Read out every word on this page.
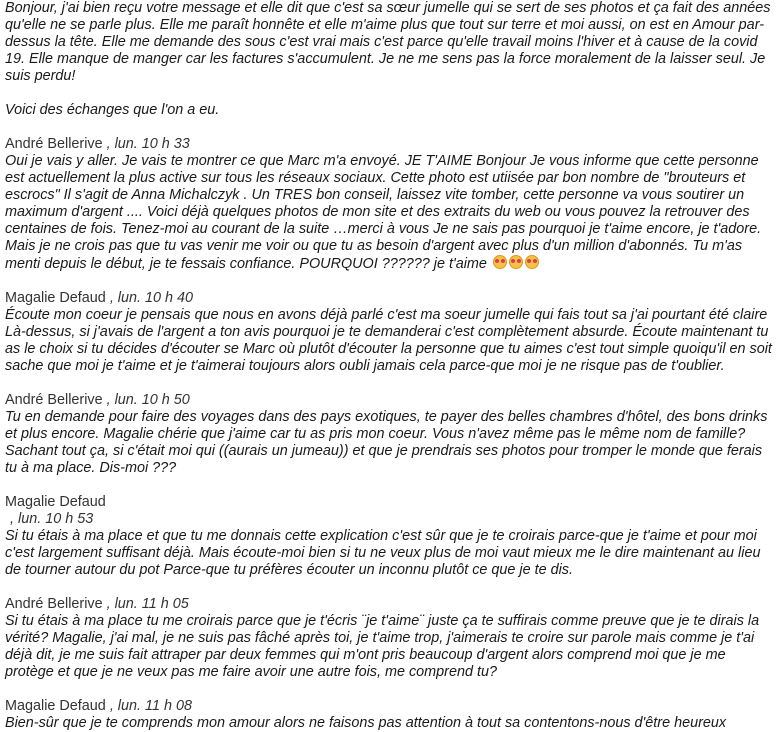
Bonjour, j'ai bien reçu votre message et elle dit que c'est sa sœur jumelle qui se sert de ses photos et ça fait des années qu'elle ne se parle plus. Elle me paraît honnête et elle m'aime plus que tout sur terre et moi aussi, on est en Amour par-dessus la tête. Elle me demande des sous c'est vrai mais c'est parce qu'elle travail moins l'hiver et à cause de la covid 19. Elle manque de manger car les factures s'accumulent. Je ne me sens pas la force moralement de la laisser seul. Je suis perdu!

Voici des échanges que l'on a eu.

André Bellerive , lun. 10 h 33
Oui je vais y aller. Je vais te montrer ce que Marc m'a envoyé. JE T'AIME Bonjour Je vous informe que cette personne est actuellement la plus active sur tous les réseaux sociaux. Cette photo est utiisée par bon nombre de "brouteurs et escrocs" Il s'agit de Anna Michalczyk . Un TRES bon conseil, laissez vite tomber, cette personne va vous soutirer un maximum d'argent .... Voici déjà quelques photos de mon site et des extraits du web ou vous pouvez la retrouver des centaines de fois. Tenez-moi au courant de la suite …merci à vous Je ne sais pas pourquoi je t'aime encore, je t'adore. Mais je ne crois pas que tu vas venir me voir ou que tu as besoin d'argent avec plus d'un million d'abonnés. Tu m'as menti depuis le début, je te fessais confiance. POURQUOI ?????? je t'aime
Magalie Defaud , lun. 10 h 40
Écoute mon coeur je pensais que nous en avons déjà parlé c'est ma soeur jumelle qui fais tout sa j'ai pourtant été claire Là-dessus, si j'avais de l'argent a ton avis pourquoi je te demanderai c'est complètement absurde. Écoute maintenant tu as le choix si tu décides d'écouter se Marc où plutôt d'écouter la personne que tu aimes c'est tout simple quoiqu'il en soit sache que moi je t'aime et je t'aimerai toujours alors oubli jamais cela parce-que moi je ne risque pas de t'oublier.
André Bellerive , lun. 10 h 50
Tu en demande pour faire des voyages dans des pays exotiques, te payer des belles chambres d'hôtel, des bons drinks et plus encore. Magalie chérie que j'aime car tu as pris mon coeur. Vous n'avez même pas le même nom de famille? Sachant tout ça, si c'était moi qui ((aurais un jumeau)) et que je prendrais ses photos pour tromper le monde que ferais tu à ma place. Dis-moi ???
Magalie Defaud
, lun. 10 h 53
Si tu étais à ma place et que tu me donnais cette explication c'est sûr que je te croirais parce-que je t'aime et pour moi c'est largement suffisant déjà. Mais écoute-moi bien si tu ne veux plus de moi vaut mieux me le dire maintenant au lieu de tourner autour du pot Parce-que tu préfères écouter un inconnu plutôt ce que je te dis.
André Bellerive , lun. 11 h 05
Si tu étais à ma place tu me croirais parce que je t'écris ¨je t'aime¨ juste ça te suffirais comme preuve que je te dirais la vérité? Magalie, j'ai mal, je ne suis pas fâché après toi, je t'aime trop, j'aimerais te croire sur parole mais comme je t'ai déjà dit, je me suis fait attraper par deux femmes qui m'ont pris beaucoup d'argent alors comprend moi que je me protège et que je ne veux pas me faire avoir une autre fois, me comprend tu?
Magalie Defaud , lun. 11 h 08
Bien-sûr que je te comprends mon amour alors ne faisons pas attention à tout sa contentons-nous d'être heureux
